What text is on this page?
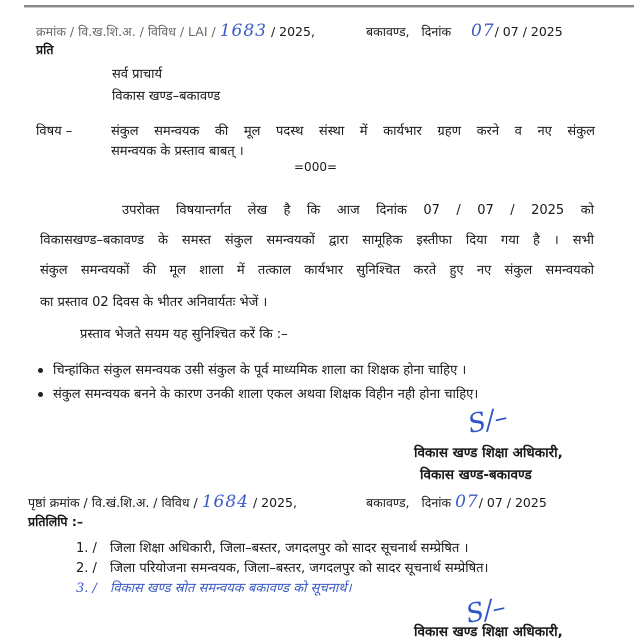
क्रमांक / वि.ख.शि.अ. / विविध / LAI / 1683 / 2025,	बकावण्ड, दिनांक 07/ 07 / 2025
प्रति
सर्व प्राचार्य
विकास खण्ड–बकावण्ड
विषय –	संकुल समन्वयक की मूल पदस्थ संस्था में कार्यभार ग्रहण करने व नए संकुल
समन्वयक के प्रस्ताव बाबत् ।
=000=
उपरोक्त विषयान्तर्गत लेख है कि आज दिनांक 07 / 07 / 2025 को
विकासखण्ड–बकावण्ड के समस्त संकुल समन्वयकों द्वारा सामूहिक इस्तीफा दिया गया है । सभी
संकुल समन्वयकों की मूल शाला में तत्काल कार्यभार सुनिश्चित करते हुए नए संकुल समन्वयको
का प्रस्ताव 02 दिवस के भीतर अनिवार्यतः भेजें ।
प्रस्ताव भेजते सयम यह सुनिश्चित करें कि :–
चिन्हांकित संकुल समन्वयक उसी संकुल के पूर्व माध्यमिक शाला का शिक्षक होना चाहिए ।
संकुल समन्वयक बनने के कारण उनकी शाला एकल अथवा शिक्षक विहीन नही होना चाहिए।
S/–
विकास खण्ड शिक्षा अधिकारी,
विकास खण्ड-बकावण्ड
पृष्ठां क्रमांक / वि.खं.शि.अ. / विविध / 1684 / 2025,	बकावण्ड, दिनांक 07/ 07 / 2025
प्रतिलिपि :–
1. / जिला शिक्षा अधिकारी, जिला–बस्तर, जगदलपुर को सादर सूचनार्थ सम्प्रेषित ।
2. / जिला परियोजना समन्वयक, जिला–बस्तर, जगदलपुर को सादर सूचनार्थ सम्प्रेषित।
3. / विकास खण्ड स्रोत समन्वयक बकावण्ड को सूचनार्थ।
S/–
विकास खण्ड शिक्षा अधिकारी,
